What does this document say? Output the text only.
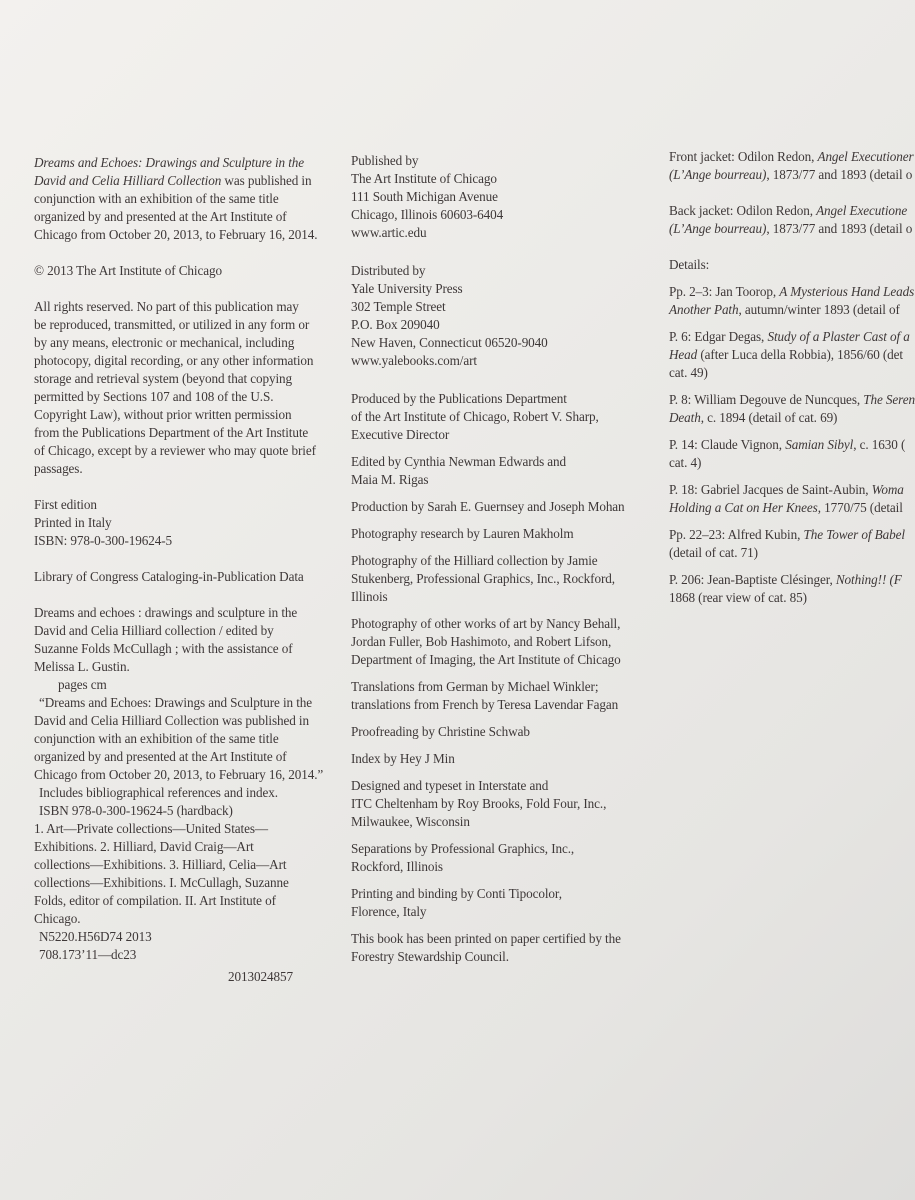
Dreams and Echoes: Drawings and Sculpture in the
David and Celia Hilliard Collection was published in
conjunction with an exhibition of the same title
organized by and presented at the Art Institute of
Chicago from October 20, 2013, to February 16, 2014.
© 2013 The Art Institute of Chicago
All rights reserved. No part of this publication may
be reproduced, transmitted, or utilized in any form or
by any means, electronic or mechanical, including
photocopy, digital recording, or any other information
storage and retrieval system (beyond that copying
permitted by Sections 107 and 108 of the U.S.
Copyright Law), without prior written permission
from the Publications Department of the Art Institute
of Chicago, except by a reviewer who may quote brief
passages.
First edition
Printed in Italy
ISBN: 978-0-300-19624-5
Library of Congress Cataloging-in-Publication Data
Dreams and echoes : drawings and sculpture in the
David and Celia Hilliard collection / edited by
Suzanne Folds McCullagh ; with the assistance of
Melissa L. Gustin.
pages cm
“Dreams and Echoes: Drawings and Sculpture in the
David and Celia Hilliard Collection was published in
conjunction with an exhibition of the same title
organized by and presented at the Art Institute of
Chicago from October 20, 2013, to February 16, 2014.”
Includes bibliographical references and index.
ISBN 978-0-300-19624-5 (hardback)
1. Art—Private collections—United States—
Exhibitions. 2. Hilliard, David Craig—Art
collections—Exhibitions. 3. Hilliard, Celia—Art
collections—Exhibitions. I. McCullagh, Suzanne
Folds, editor of compilation. II. Art Institute of
Chicago.
N5220.H56D74 2013
708.173’11—dc23
2013024857
Published by
The Art Institute of Chicago
111 South Michigan Avenue
Chicago, Illinois 60603-6404
www.artic.edu
Distributed by
Yale University Press
302 Temple Street
P.O. Box 209040
New Haven, Connecticut 06520-9040
www.yalebooks.com/art
Produced by the Publications Department
of the Art Institute of Chicago, Robert V. Sharp,
Executive Director
Edited by Cynthia Newman Edwards and
Maia M. Rigas
Production by Sarah E. Guernsey and Joseph Mohan
Photography research by Lauren Makholm
Photography of the Hilliard collection by Jamie
Stukenberg, Professional Graphics, Inc., Rockford,
Illinois
Photography of other works of art by Nancy Behall,
Jordan Fuller, Bob Hashimoto, and Robert Lifson,
Department of Imaging, the Art Institute of Chicago
Translations from German by Michael Winkler;
translations from French by Teresa Lavendar Fagan
Proofreading by Christine Schwab
Index by Hey J Min
Designed and typeset in Interstate and
ITC Cheltenham by Roy Brooks, Fold Four, Inc.,
Milwaukee, Wisconsin
Separations by Professional Graphics, Inc.,
Rockford, Illinois
Printing and binding by Conti Tipocolor,
Florence, Italy
This book has been printed on paper certified by the
Forestry Stewardship Council.
Front jacket: Odilon Redon, Angel Executioner
(L’Ange bourreau), 1873/77 and 1893 (detail o
Back jacket: Odilon Redon, Angel Executione
(L’Ange bourreau), 1873/77 and 1893 (detail o
Details:
Pp. 2–3: Jan Toorop, A Mysterious Hand Leads
Another Path, autumn/winter 1893 (detail of
P. 6: Edgar Degas, Study of a Plaster Cast of a
Head (after Luca della Robbia), 1856/60 (det
cat. 49)
P. 8: William Degouve de Nuncques, The Seren
Death, c. 1894 (detail of cat. 69)
P. 14: Claude Vignon, Samian Sibyl, c. 1630 (
cat. 4)
P. 18: Gabriel Jacques de Saint-Aubin, Woma
Holding a Cat on Her Knees, 1770/75 (detail
Pp. 22–23: Alfred Kubin, The Tower of Babel
(detail of cat. 71)
P. 206: Jean-Baptiste Clésinger, Nothing!! (F
1868 (rear view of cat. 85)
